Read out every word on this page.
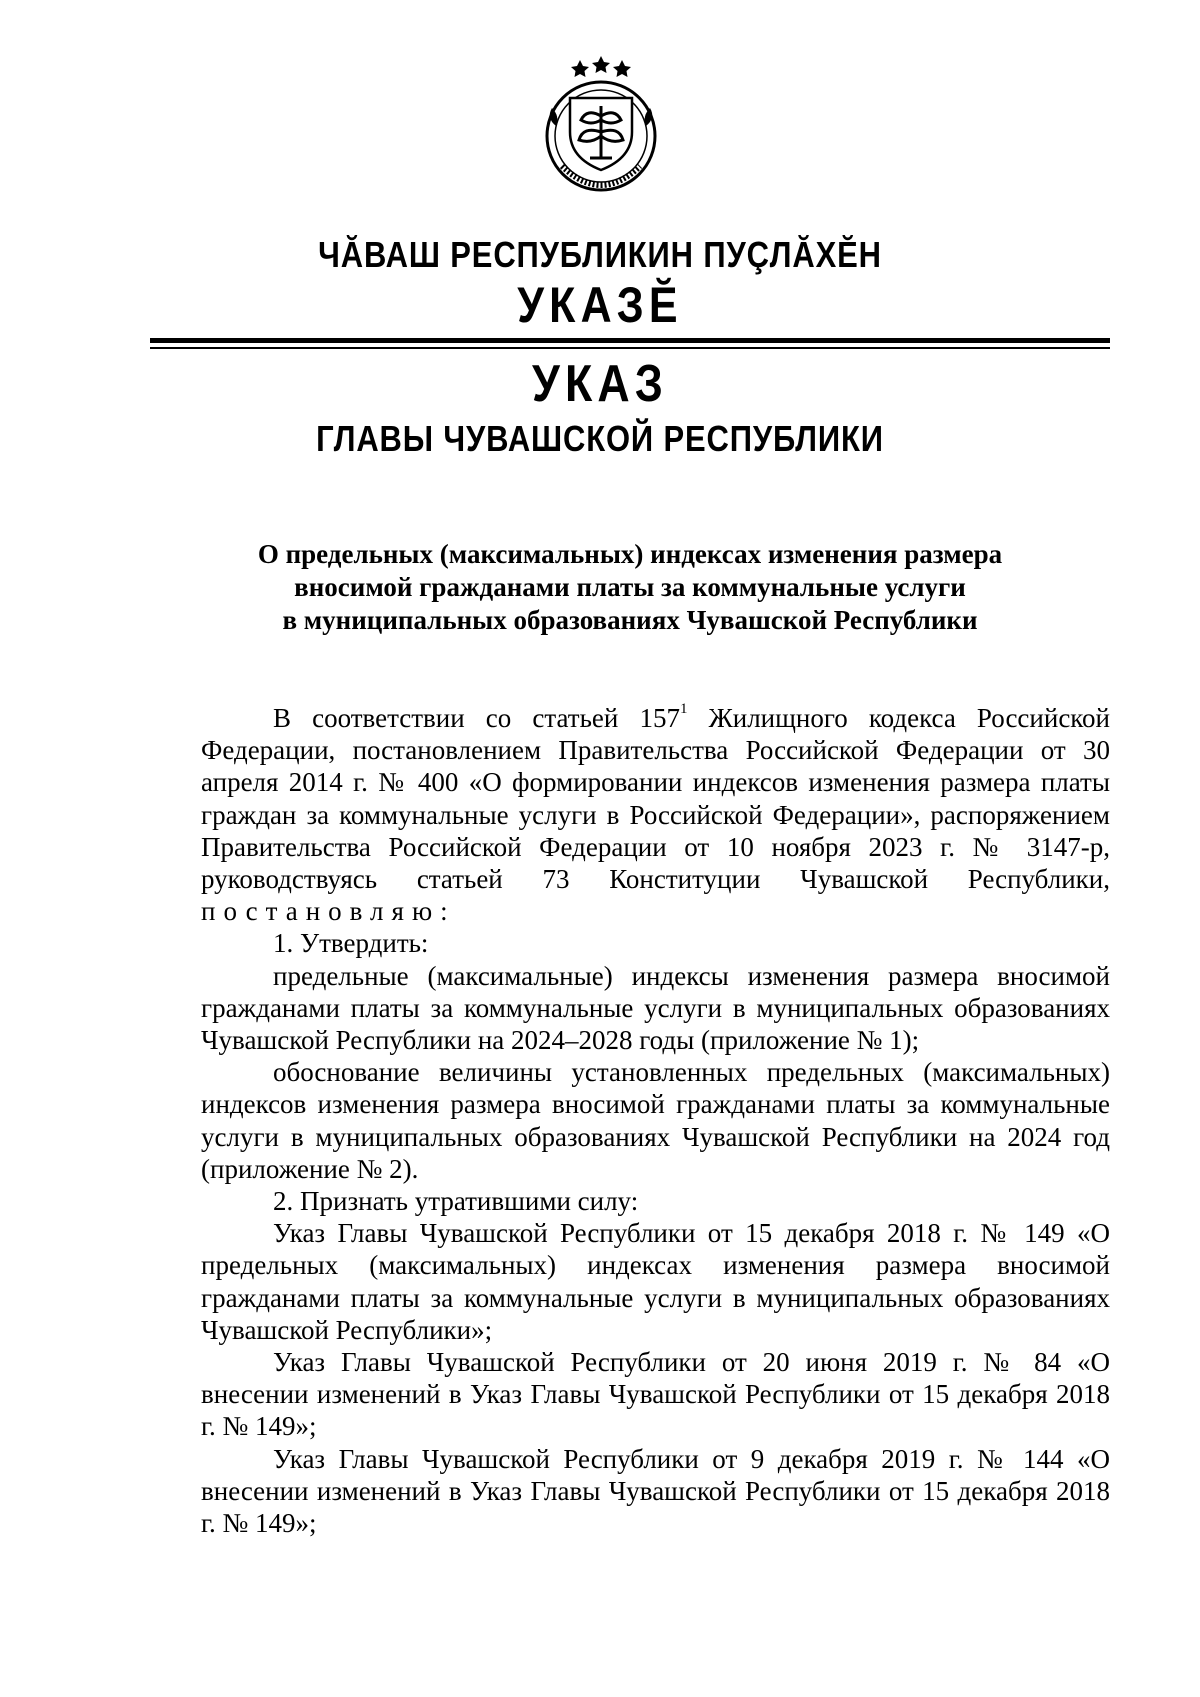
ЧĂВАШ РЕСПУБЛИКИН ПУÇЛĂХĔН
УКАЗĔ
УКАЗ
ГЛАВЫ ЧУВАШСКОЙ РЕСПУБЛИКИ
О предельных (максимальных) индексах изменения размера
вносимой гражданами платы за коммунальные услуги
в муниципальных образованиях Чувашской Республики

В соответствии со статьей $157^1$ Жилищного кодекса Российской Федерации, постановлением Правительства Российской Федерации от 30 апреля 2014 г. № 400 «О формировании индексов изменения размера платы граждан за коммунальные услуги в Российской Федерации», распоряжением Правительства Российской Федерации от 10 ноября 2023 г. № 3147-р, руководствуясь статьей 73 Конституции Чувашской Республики, постановляю:

1. Утвердить:

предельные (максимальные) индексы изменения размера вносимой гражданами платы за коммунальные услуги в муниципальных образованиях Чувашской Республики на 2024–2028 годы (приложение № 1);

обоснование величины установленных предельных (максимальных) индексов изменения размера вносимой гражданами платы за коммунальные услуги в муниципальных образованиях Чувашской Республики на 2024 год (приложение № 2).

2. Признать утратившими силу:

Указ Главы Чувашской Республики от 15 декабря 2018 г. № 149 «О предельных (максимальных) индексах изменения размера вносимой гражданами платы за коммунальные услуги в муниципальных образованиях Чувашской Республики»;

Указ Главы Чувашской Республики от 20 июня 2019 г. № 84 «О внесении изменений в Указ Главы Чувашской Республики от 15 декабря 2018 г. № 149»;

Указ Главы Чувашской Республики от 9 декабря 2019 г. № 144 «О внесении изменений в Указ Главы Чувашской Республики от 15 декабря 2018 г. № 149»;
